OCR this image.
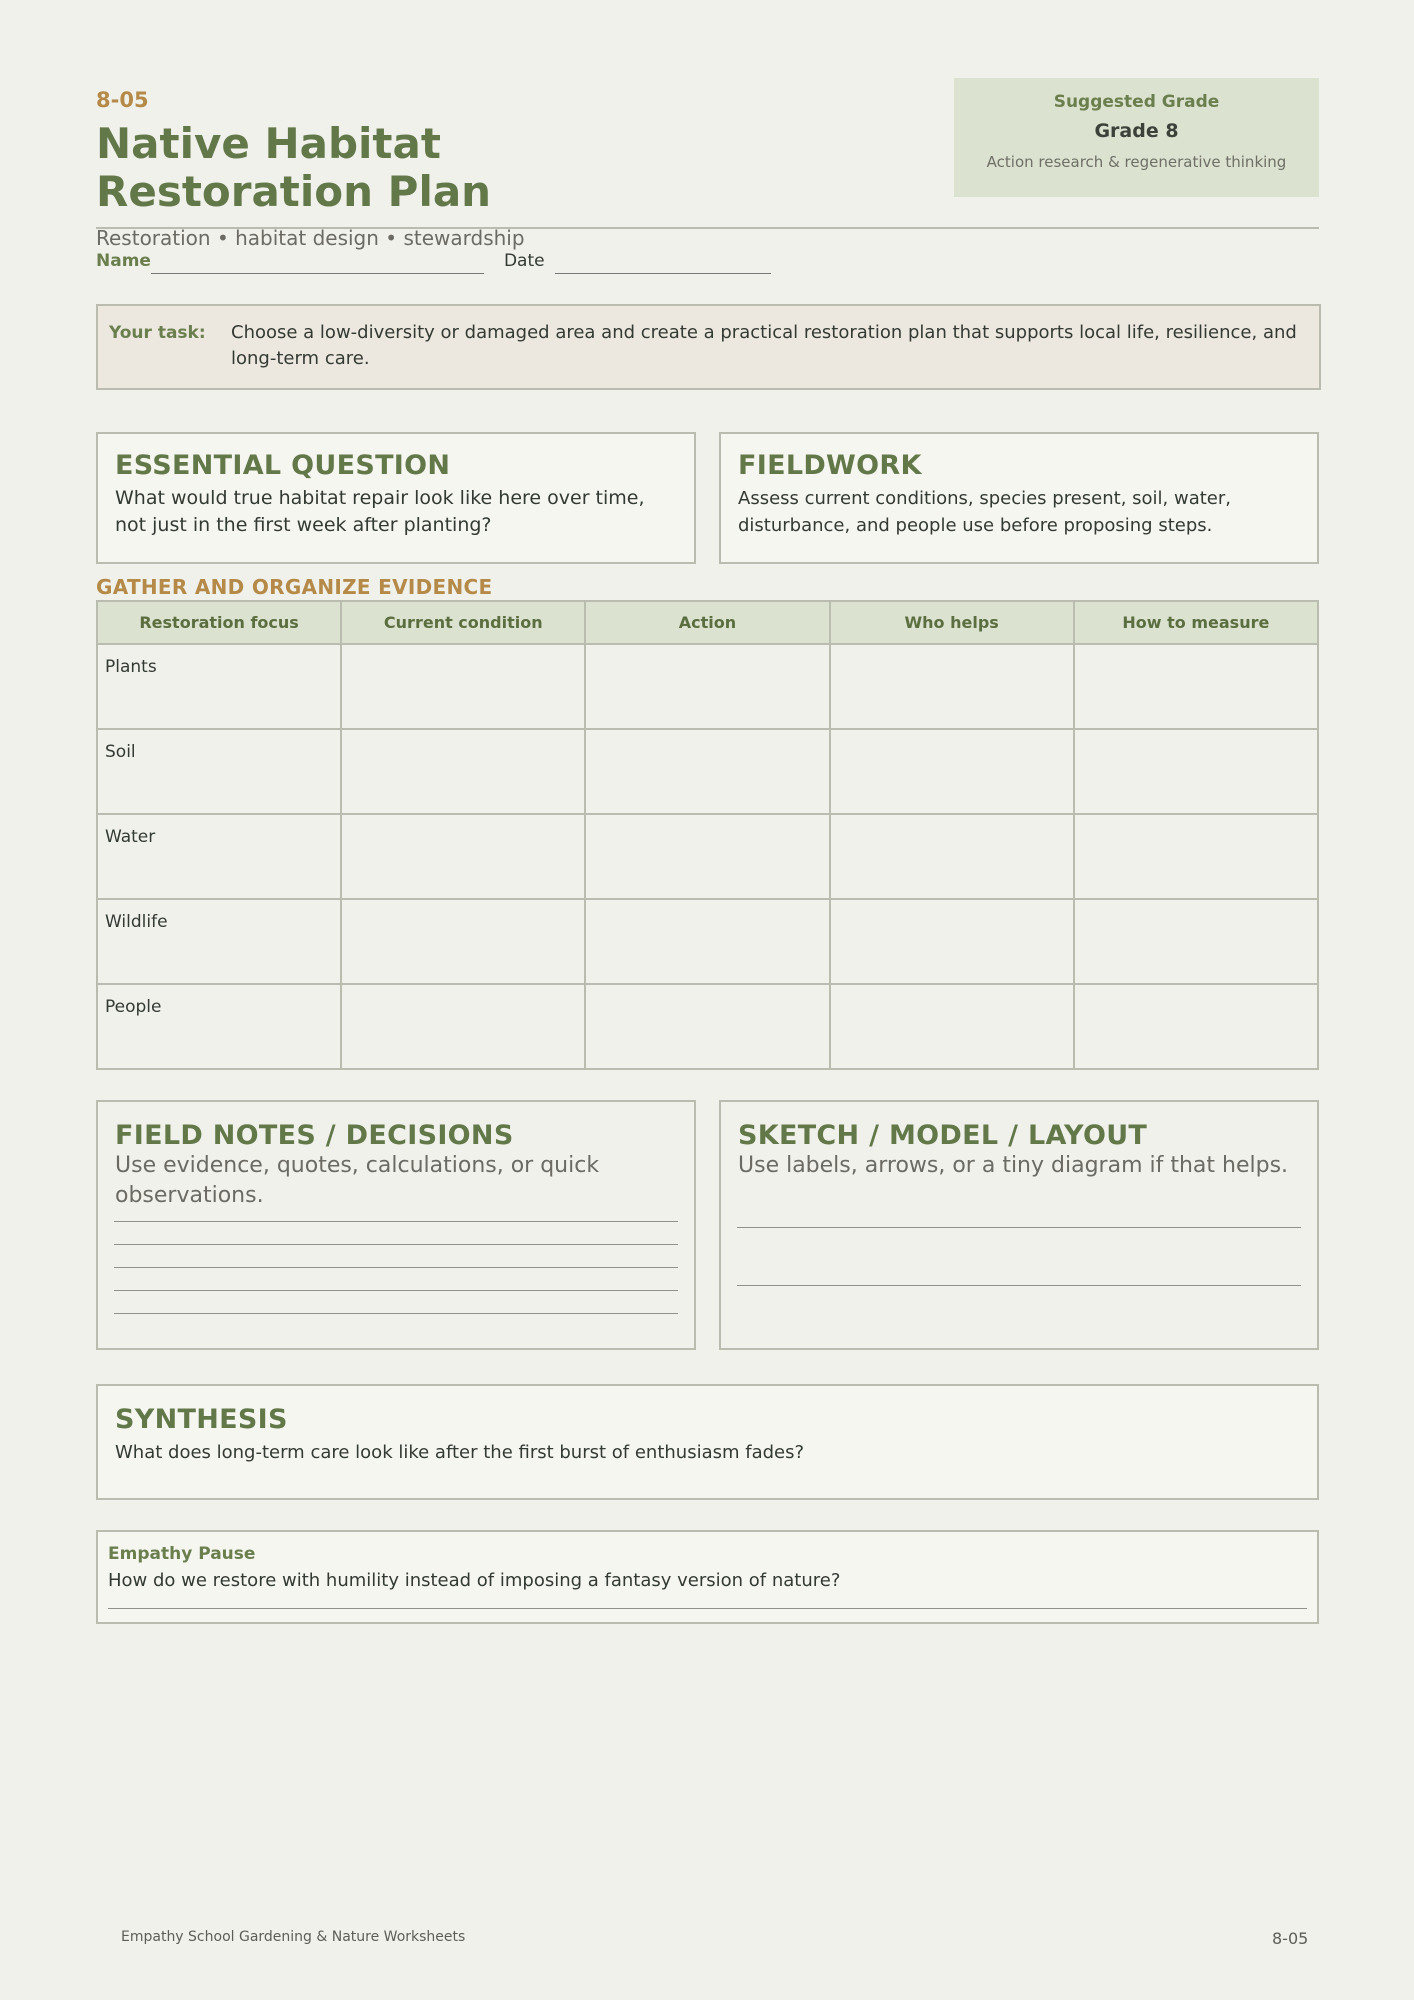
8-05
Native Habitat Restoration Plan
Suggested Grade
Grade 8
Action research & regenerative thinking
Restoration • habitat design • stewardship
Name	Date
Your task: Choose a low-diversity or damaged area and create a practical restoration plan that supports local life, resilience, and long-term care.
ESSENTIAL QUESTION
What would true habitat repair look like here over time, not just in the first week after planting?
FIELDWORK
Assess current conditions, species present, soil, water, disturbance, and people use before proposing steps.
GATHER AND ORGANIZE EVIDENCE
Restoration focus	Current condition	Action	Who helps	How to measure
Plants				
Soil				
Water				
Wildlife				
People				
FIELD NOTES / DECISIONS
Use evidence, quotes, calculations, or quick observations.
SKETCH / MODEL / LAYOUT
Use labels, arrows, or a tiny diagram if that helps.
SYNTHESIS
What does long-term care look like after the first burst of enthusiasm fades?
Empathy Pause
How do we restore with humility instead of imposing a fantasy version of nature?
Empathy School Gardening & Nature Worksheets	8-05
